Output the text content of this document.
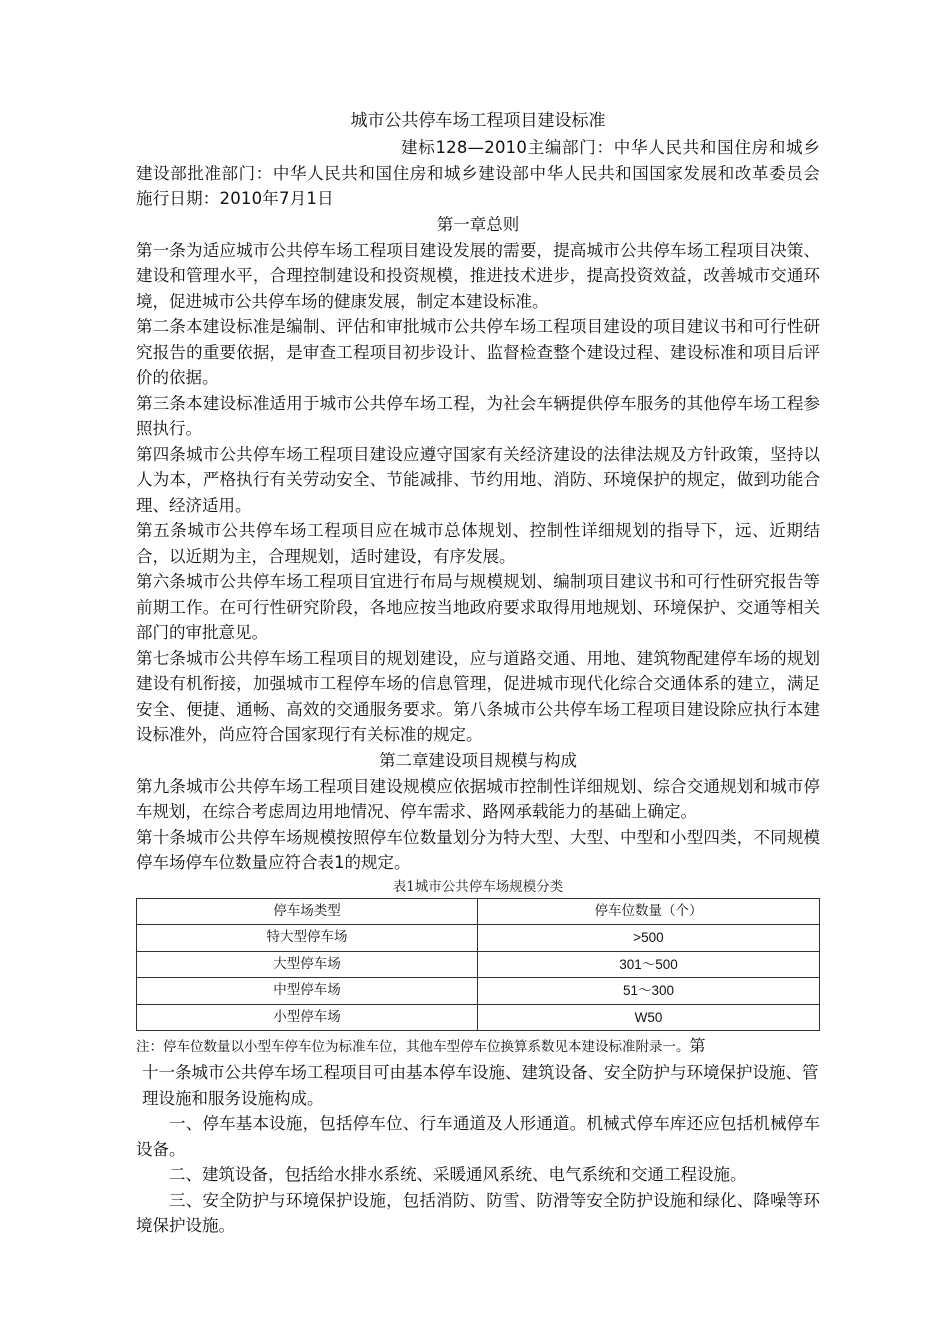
城市公共停车场工程项目建设标准

建标128—2010主编部门：中华人民共和国住房和城乡建设部批准部门：中华人民共和国住房和城乡建设部中华人民共和国国家发展和改革委员会施行日期：2010年7月1日

第一章总则

第一条为适应城市公共停车场工程项目建设发展的需要，提高城市公共停车场工程项目决策、建设和管理水平，合理控制建设和投资规模，推进技术进步，提高投资效益，改善城市交通环境，促进城市公共停车场的健康发展，制定本建设标准。

第二条本建设标准是编制、评估和审批城市公共停车场工程项目建设的项目建议书和可行性研究报告的重要依据，是审查工程项目初步设计、监督检查整个建设过程、建设标准和项目后评价的依据。

第三条本建设标准适用于城市公共停车场工程，为社会车辆提供停车服务的其他停车场工程参照执行。

第四条城市公共停车场工程项目建设应遵守国家有关经济建设的法律法规及方针政策，坚持以人为本，严格执行有关劳动安全、节能减排、节约用地、消防、环境保护的规定，做到功能合理、经济适用。

第五条城市公共停车场工程项目应在城市总体规划、控制性详细规划的指导下，远、近期结合，以近期为主，合理规划，适时建设，有序发展。

第六条城市公共停车场工程项目宜进行布局与规模规划、编制项目建议书和可行性研究报告等前期工作。在可行性研究阶段，各地应按当地政府要求取得用地规划、环境保护、交通等相关部门的审批意见。

第七条城市公共停车场工程项目的规划建设，应与道路交通、用地、建筑物配建停车场的规划建设有机衔接，加强城市工程停车场的信息管理，促进城市现代化综合交通体系的建立，满足安全、便捷、通畅、高效的交通服务要求。第八条城市公共停车场工程项目建设除应执行本建设标准外，尚应符合国家现行有关标准的规定。

第二章建设项目规模与构成

第九条城市公共停车场工程项目建设规模应依据城市控制性详细规划、综合交通规划和城市停车规划，在综合考虑周边用地情况、停车需求、路网承载能力的基础上确定。

第十条城市公共停车场规模按照停车位数量划分为特大型、大型、中型和小型四类，不同规模停车场停车位数量应符合表1的规定。

表1城市公共停车场规模分类

停车场类型	停车位数量（个）
特大型停车场	>500
大型停车场	301〜500
中型停车场	51〜300
小型停车场	W50

注：停车位数量以小型车停车位为标准车位，其他车型停车位换算系数见本建设标准附录一。第

十一条城市公共停车场工程项目可由基本停车设施、建筑设备、安全防护与环境保护设施、管理设施和服务设施构成。

一、停车基本设施，包括停车位、行车通道及人形通道。机械式停车库还应包括机械停车设备。

二、建筑设备，包括给水排水系统、采暖通风系统、电气系统和交通工程设施。

三、安全防护与环境保护设施，包括消防、防雪、防滑等安全防护设施和绿化、降噪等环境保护设施。
